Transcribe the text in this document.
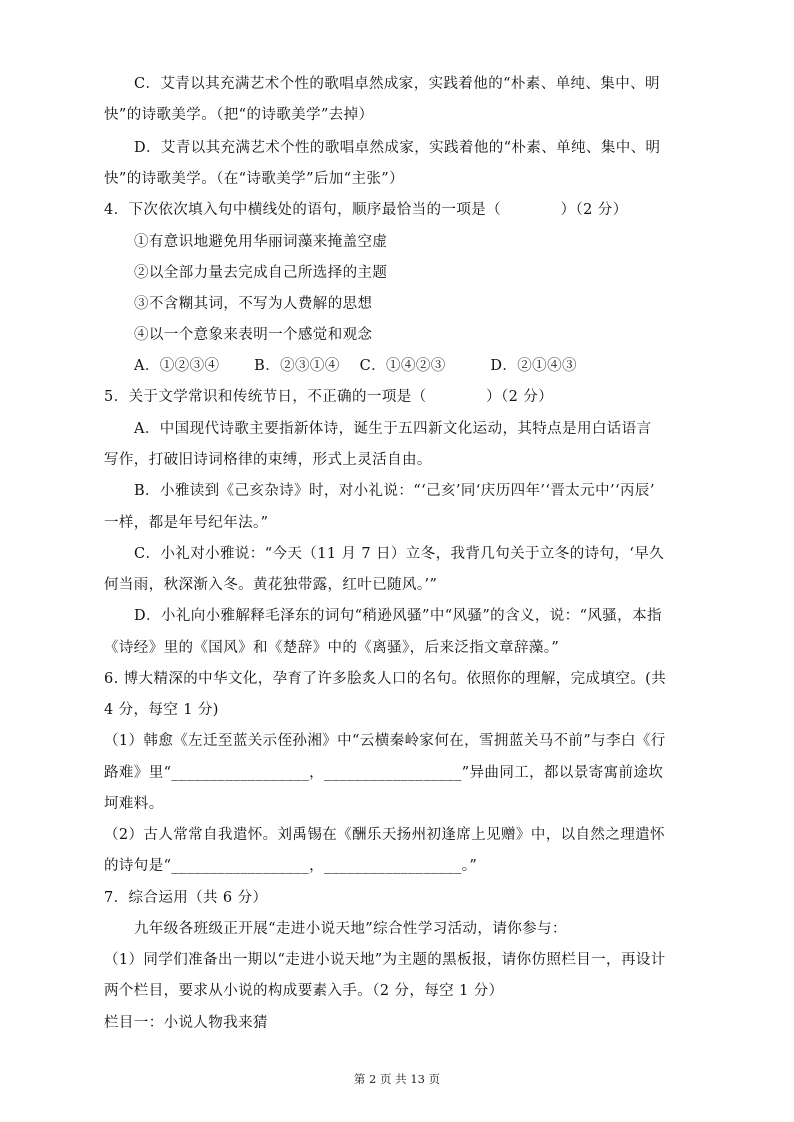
C．艾青以其充满艺术个性的歌唱卓然成家，实践着他的“朴素、单纯、集中、明
快”的诗歌美学。（把“的诗歌美学”去掉）
D．艾青以其充满艺术个性的歌唱卓然成家，实践着他的“朴素、单纯、集中、明
快”的诗歌美学。（在“诗歌美学”后加“主张”）
4．下次依次填入句中横线处的语句，顺序最恰当的一项是（　　　　）（2 分）
①有意识地避免用华丽词藻来掩盖空虚
②以全部力量去完成自己所选择的主题
③不含糊其词，不写为人费解的思想
④以一个意象来表明一个感觉和观念
A．①②③④　　 B．②③①④　 C．①④②③　　　D．②①④③
5．关于文学常识和传统节日，不正确的一项是（　　　　）（2 分）
A．中国现代诗歌主要指新体诗，诞生于五四新文化运动，其特点是用白话语言
写作，打破旧诗词格律的束缚，形式上灵活自由。
B．小雅读到《己亥杂诗》时，对小礼说：“‘己亥’同‘庆历四年’‘晋太元中’‘丙辰’
一样，都是年号纪年法。”
C．小礼对小雅说：“今天（11 月 7 日）立冬，我背几句关于立冬的诗句，‘早久
何当雨，秋深渐入冬。黄花独带露，红叶已随风。’”
D．小礼向小雅解释毛泽东的词句“稍逊风骚”中“风骚”的含义，说：“风骚，本指
《诗经》里的《国风》和《楚辞》中的《离骚》，后来泛指文章辞藻。”
6. 博大精深的中华文化，孕育了许多脍炙人口的名句。依照你的理解，完成填空。(共
4 分，每空 1 分)
（1）韩愈《左迁至蓝关示侄孙湘》中“云横秦岭家何在，雪拥蓝关马不前”与李白《行
路难》里“__________________，__________________”异曲同工，都以景寄寓前途坎
坷难料。
（2）古人常常自我遣怀。刘禹锡在《酬乐天扬州初逢席上见赠》中，以自然之理遣怀
的诗句是“__________________，__________________。”
7．综合运用（共 6 分）
九年级各班级正开展“走进小说天地”综合性学习活动，请你参与：
（1）同学们准备出一期以“走进小说天地”为主题的黑板报，请你仿照栏目一，再设计
两个栏目，要求从小说的构成要素入手。（2 分，每空 1 分）
栏目一：小说人物我来猜
第 2 页 共 13 页
